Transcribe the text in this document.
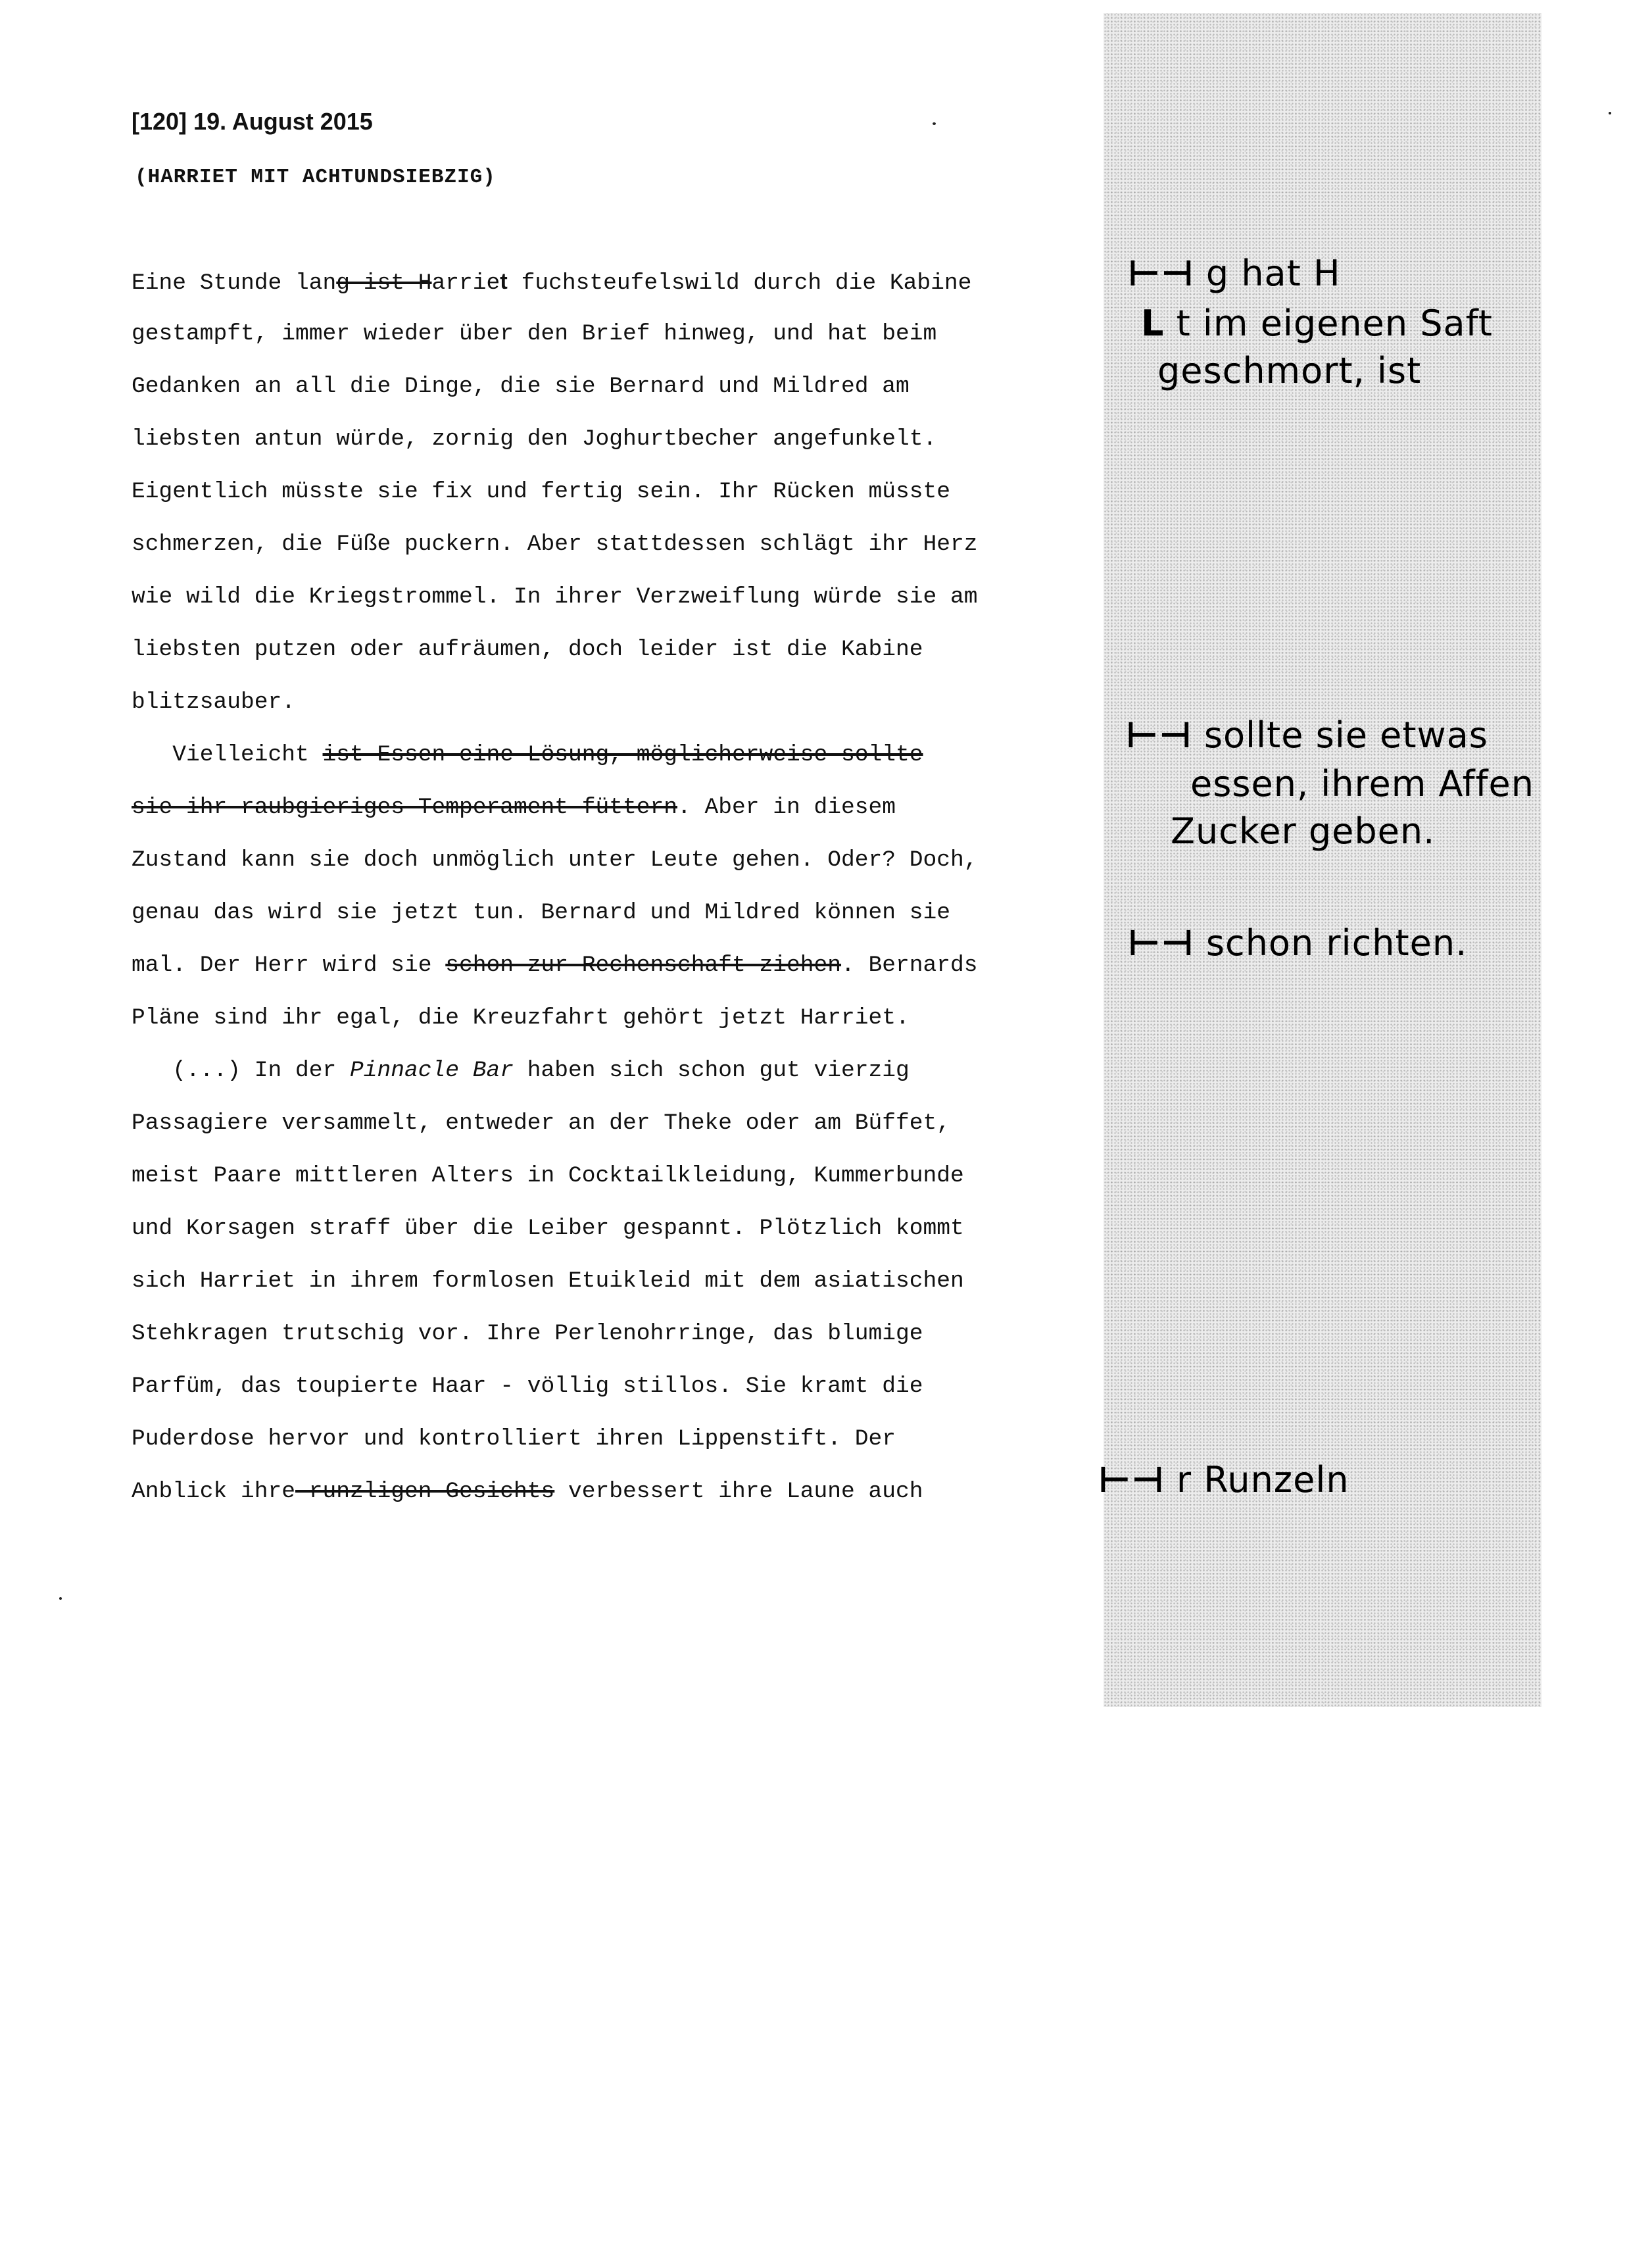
[120] 19. August 2015
(HARRIET MIT ACHTUNDSIEBZIG)

Eine Stunde lang ist Harriet fuchsteufelswild durch die Kabine

gestampft, immer wieder über den Brief hinweg, und hat beim

Gedanken an all die Dinge, die sie Bernard und Mildred am

liebsten antun würde, zornig den Joghurtbecher angefunkelt.

Eigentlich müsste sie fix und fertig sein. Ihr Rücken müsste

schmerzen, die Füße puckern. Aber stattdessen schlägt ihr Herz

wie wild die Kriegstrommel. In ihrer Verzweiflung würde sie am

liebsten putzen oder aufräumen, doch leider ist die Kabine

blitzsauber.

Vielleicht ist Essen eine Lösung, möglicherweise sollte

sie ihr raubgieriges Temperament füttern. Aber in diesem

Zustand kann sie doch unmöglich unter Leute gehen. Oder? Doch,

genau das wird sie jetzt tun. Bernard und Mildred können sie

mal. Der Herr wird sie schon zur Rechenschaft ziehen. Bernards

Pläne sind ihr egal, die Kreuzfahrt gehört jetzt Harriet.

(...) In der Pinnacle Bar haben sich schon gut vierzig

Passagiere versammelt, entweder an der Theke oder am Büffet,

meist Paare mittleren Alters in Cocktailkleidung, Kummerbunde

und Korsagen straff über die Leiber gespannt. Plötzlich kommt

sich Harriet in ihrem formlosen Etuikleid mit dem asiatischen

Stehkragen trutschig vor. Ihre Perlenohrringe, das blumige

Parfüm, das toupierte Haar - völlig stillos. Sie kramt die

Puderdose hervor und kontrolliert ihren Lippenstift. Der

Anblick ihre runzligen Gesichts verbessert ihre Laune auch

⊢⊣ g hat H

L t im eigenen Saft

geschmort, ist

⊢⊣ sollte sie etwas

essen, ihrem Affen

Zucker geben.

⊢⊣ schon richten.

⊢⊣ r Runzeln
